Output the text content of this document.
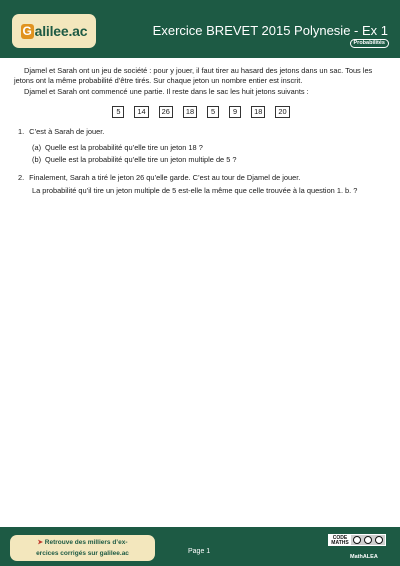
G alilee.ac	Exercice BREVET 2015 Polynesie - Ex 1
Probabilités

Djamel et Sarah ont un jeu de société : pour y jouer, il faut tirer au hasard des jetons dans un sac. Tous les jetons ont la même probabilité d’être tirés. Sur chaque jeton un nombre entier est inscrit.

Djamel et Sarah ont commencé une partie. Il reste dans le sac les huit jetons suivants :

5	14	26	18	5	9	18	20
1. C’est à Sarah de jouer.
(a) Quelle est la probabilité qu’elle tire un jeton 18 ?
(b) Quelle est la probabilité qu’elle tire un jeton multiple de 5 ?
2. Finalement, Sarah a tiré le jeton 26 qu’elle garde. C’est au tour de Djamel de jouer.

La probabilité qu’il tire un jeton multiple de 5 est-elle la même que celle trouvée à la question 1. b. ?

➤ Retrouve des milliers d’ex-
ercices corrigés sur galilee.ac	Page 1
CODE MATHS
MathALEA
